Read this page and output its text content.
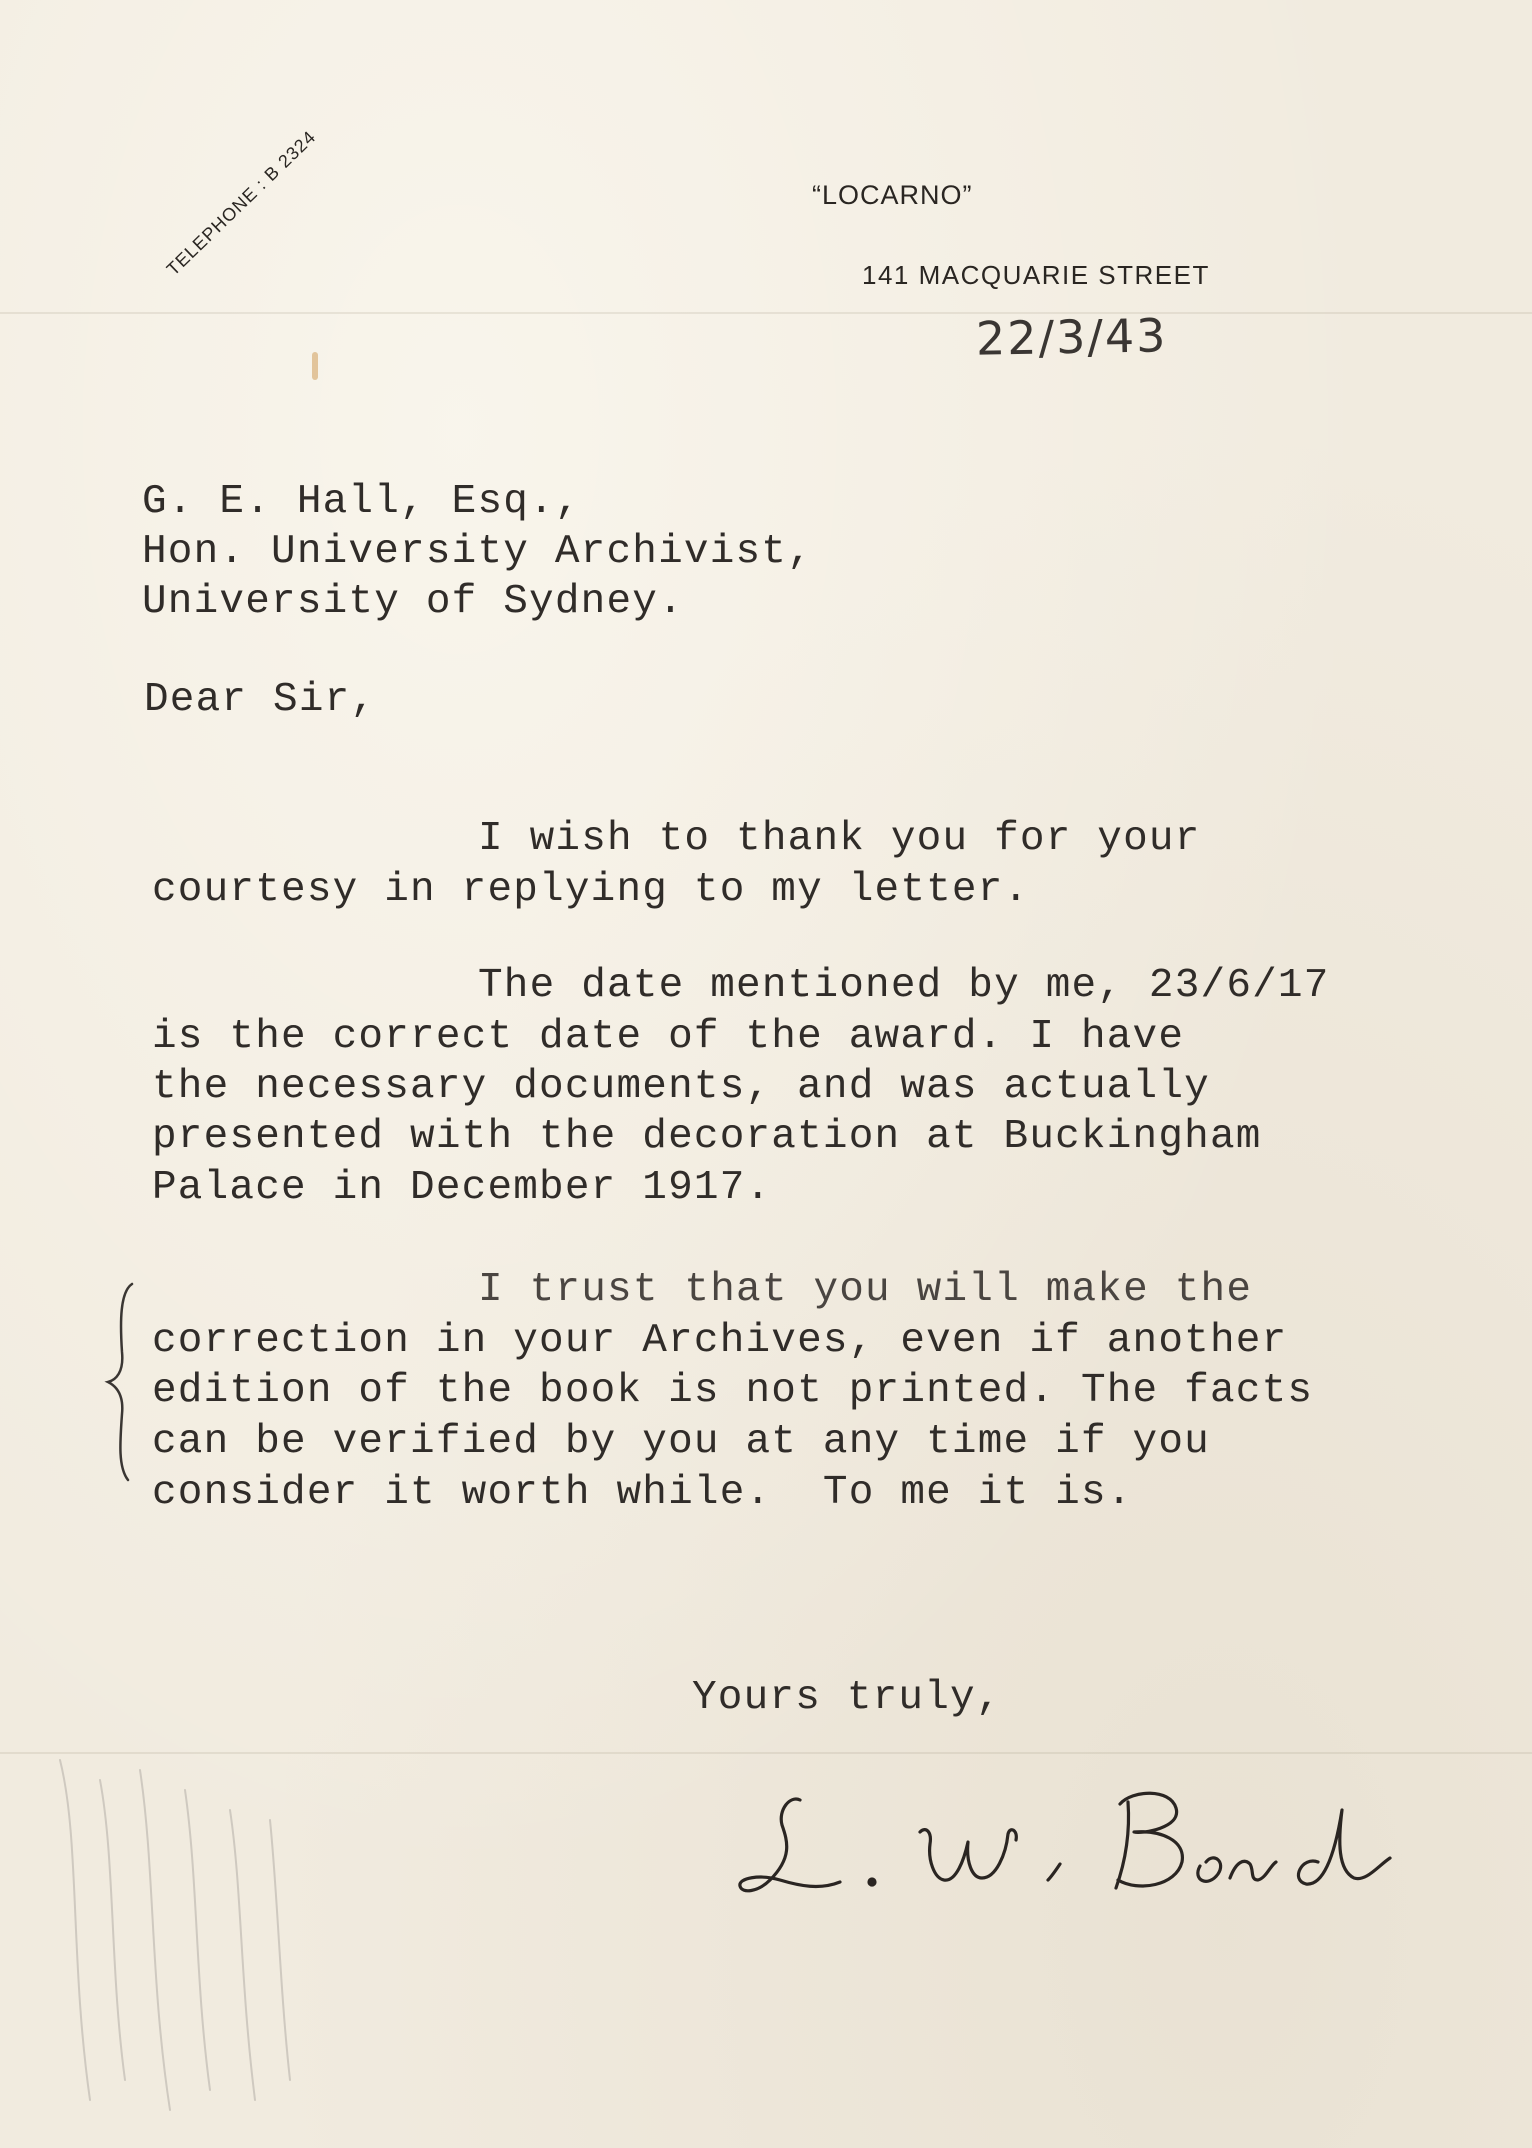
“LOCARNO”
141 MACQUARIE STREET
TELEPHONE : B 2324
22/3/43
G. E. Hall, Esq.,
Hon. University Archivist,
University of Sydney.
Dear Sir,
I wish to thank you for your
courtesy in replying to my letter.
The date mentioned by me, 23/6/17
is the correct date of the award. I have
the necessary documents, and was actually
presented with the decoration at Buckingham
Palace in December 1917.
I trust that you will make the
correction in your Archives, even if another
edition of the book is not printed. The facts
can be verified by you at any time if you
consider it worth while.  To me it is.
Yours truly,
